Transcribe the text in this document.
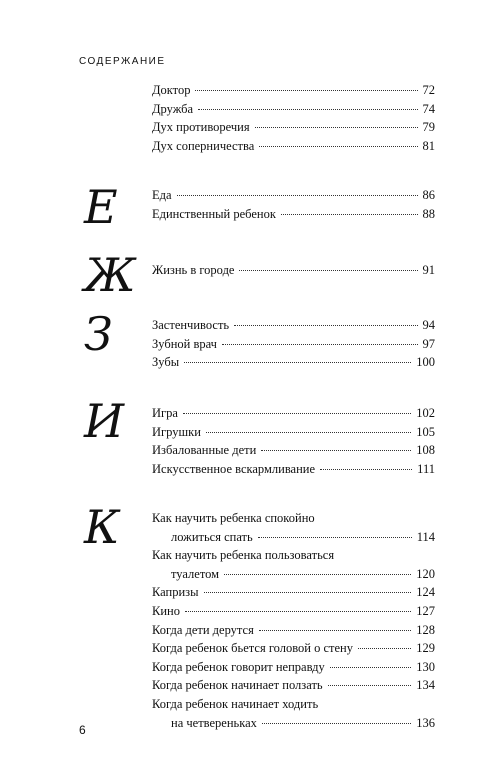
СОДЕРЖАНИЕ
Доктор	72
Дружба	74
Дух противоречия	79
Дух соперничества	81
Е	Еда	86
Единственный ребенок	88
Ж Жизнь в городе	91
З	Застенчивость	94
Зубной врач	97
Зубы	100
И Игра	102
Игрушки	105
Избалованные дети	108
Искусственное вскармливание	111
К	Как научить ребенка спокойно
ложиться спать	114
Как научить ребенка пользоваться
туалетом	120
Капризы	124
Кино	127
Когда дети дерутся	128
Когда ребенок бьется головой о стену	129
Когда ребенок говорит неправду	130
Когда ребенок начинает ползать	134
Когда ребенок начинает ходить
на четвереньках	136
6
